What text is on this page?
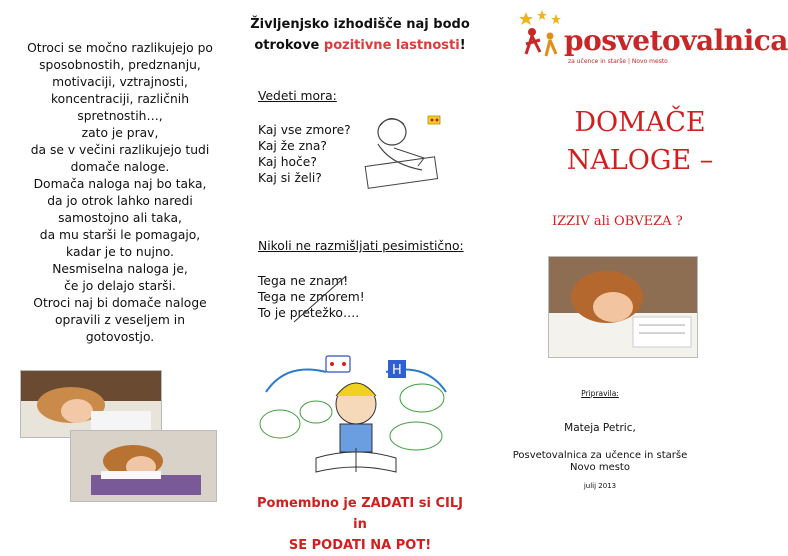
Otroci se močno razlikujejo po
sposobnostih, predznanju,
motivaciji, vztrajnosti,
koncentraciji, različnih
spretnostih…,
zato je prav,
da se v večini razlikujejo tudi
domače naloge.
Domača naloga naj bo taka,
da jo otrok lahko naredi
samostojno ali taka,
da mu starši le pomagajo,
kadar je to nujno.
Nesmiselna naloga je,
če jo delajo starši.
Otroci naj bi domače naloge
opravili z veseljem in
gotovostjo.
Življenjsko izhodišče naj bodo
otrokove pozitivne lastnosti!
Vedeti mora:
Kaj vse zmore?
Kaj že zna?
Kaj hoče?
Kaj si želi?
Nikoli ne razmišljati pesimistično:
Tega ne znam!
Tega ne zmorem!
To je pretežko….
H
Pomembno je ZADATI si CILJ in
SE PODATI NA POT!
posvetovalnica
za učence in starše | Novo mesto
DOMAČE
NALOGE –
IZZIV ali OBVEZA ?
Pripravila:
Mateja Petric,
Posvetovalnica za učence in starše
Novo mesto
julij 2013
